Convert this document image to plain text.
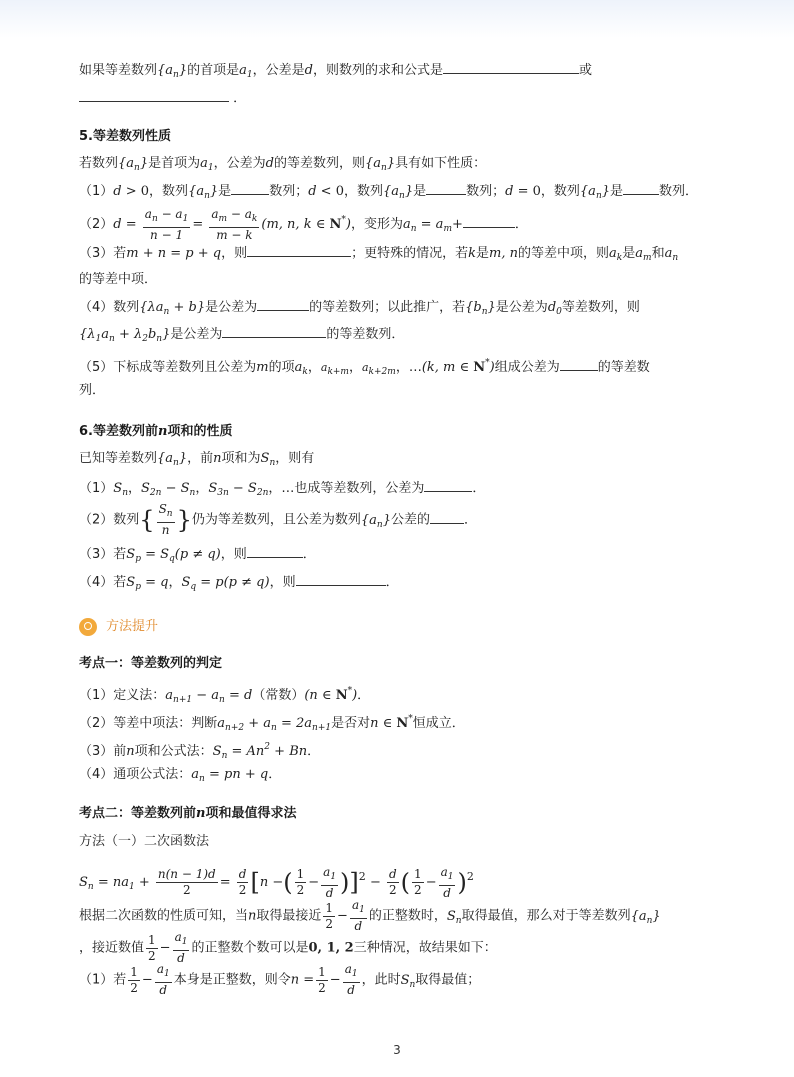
如果等差数列$\{a_n\}$的首项是$a_1$，公差是d，则数列的求和公式是	或
．
5.等差数列性质
若数列$\{a_n\}$是首项为$a_1$，公差为d的等差数列，则$\{a_n\}$具有如下性质：
（1）d > 0，数列$\{a_n\}$是	数列；d < 0，数列$\{a_n\}$是	数列；d = 0，数列$\{a_n\}$是	数列．
$(2)d = \frac{a_n - a_1}{n - 1} = \frac{a_m - a_k}{m - k} (m$, n, k ∈ N*)，变形为$a_n = a_m+$	．
（3）若m + n = p + q，则	；更特殊的情况，若k是m, n的等差中项，则$a_k$是$a_m$和$a_n$
的等差中项．
（4）数列$\{\lambda a_n + b\}$是公差为	的等差数列；以此推广，若$\{b_n\}$是公差为$d_0$等差数列，则
$\{\lambda_1a_n + \lambda_2b_n\}$是公差为	的等差数列．
（5）下标成等差数列且公差为m的项$a_k$，$a_{k+m}$，$a_{k+2m}$，…(k, m ∈ N*)组成公差为	的等差数
列．
6.等差数列前n项和的性质
已知等差数列$\{a_n\}$，前n项和为$S_n$，则有
$(1)S_n$，$S_{2n} - S_n$，$S_{3n} - S_{2n}$，…也成等差数列，公差为	．
（2）数列{ $\frac{S_n}{n}$ }仍为等差数列，且公差为数列$\{a_n\}$公差的	．
（3）若$S_p = S_q(p \ne q)$，则	．
（4）若$S_p = q$，$S_q = p(p \ne q)$，则	．
方法提升
考点一：等差数列的判定
（1）定义法：$a_{n+1} - a_n = d$（常数）(n ∈ N*)．
（2）等差中项法：判断$a_{n+2} + a_n = 2a_{n+1}$是否对n ∈ N*恒成立．
（3）前n项和公式法：$S_n = An^2 + Bn$．
（4）通项公式法：$a_n$ = pn + q．
考点二：等差数列前n项和最值得求法
方法（一）二次函数法
$S_n = na_1 + \frac{n(n - 1)d}{2} = \frac{d}{2} [n$ −( $\frac{1}{2} - \frac{a_1}{d} )]^2 - \frac{d}{2}$ ( $\frac{1}{2} - \frac{a_1}{d} )^2$
根据二次函数的性质可知，当n取得最接近 $\frac{1}{2} - \frac{a_1}{d}$ 的正整数时，$S_n$取得最值，那么对于等差数列$\{a_n\}$
，接近数值 $\frac{1}{2} - \frac{a_1}{d}$ 的正整数个数可以是0, 1, 2三种情况，故结果如下：
（1）若 $\frac{1}{2} - \frac{a_1}{d}$ 本身是正整数，则令$n = \frac{1}{2} - \frac{a_1}{d}$ ，此时$S_n$取得最值；
3
